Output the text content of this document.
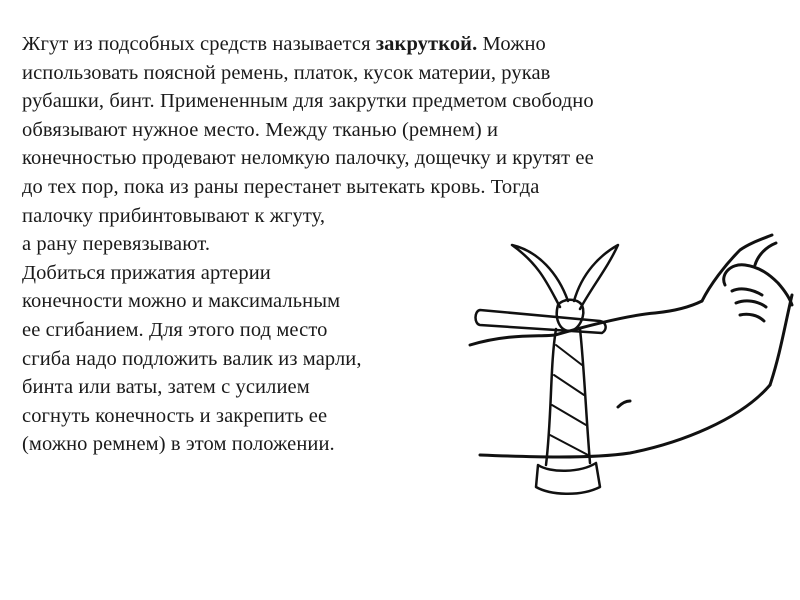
Жгут из подсобных средств называется закруткой. Можно
использовать поясной ремень, платок, кусок материи, рукав
рубашки, бинт. Примененным для закрутки предметом свободно
обвязывают нужное место. Между тканью (ремнем) и
конечностью продевают неломкую палочку, дощечку и крутят ее
до тех пор, пока из раны перестанет вытекать кровь. Тогда
палочку прибинтовывают к жгуту,
а рану перевязывают.
Добиться прижатия артерии
конечности можно и максимальным
ее сгибанием. Для этого под место
сгиба надо подложить валик из марли,
бинта или ваты, затем с усилием
согнуть конечность и закрепить ее
(можно ремнем) в этом положении.
